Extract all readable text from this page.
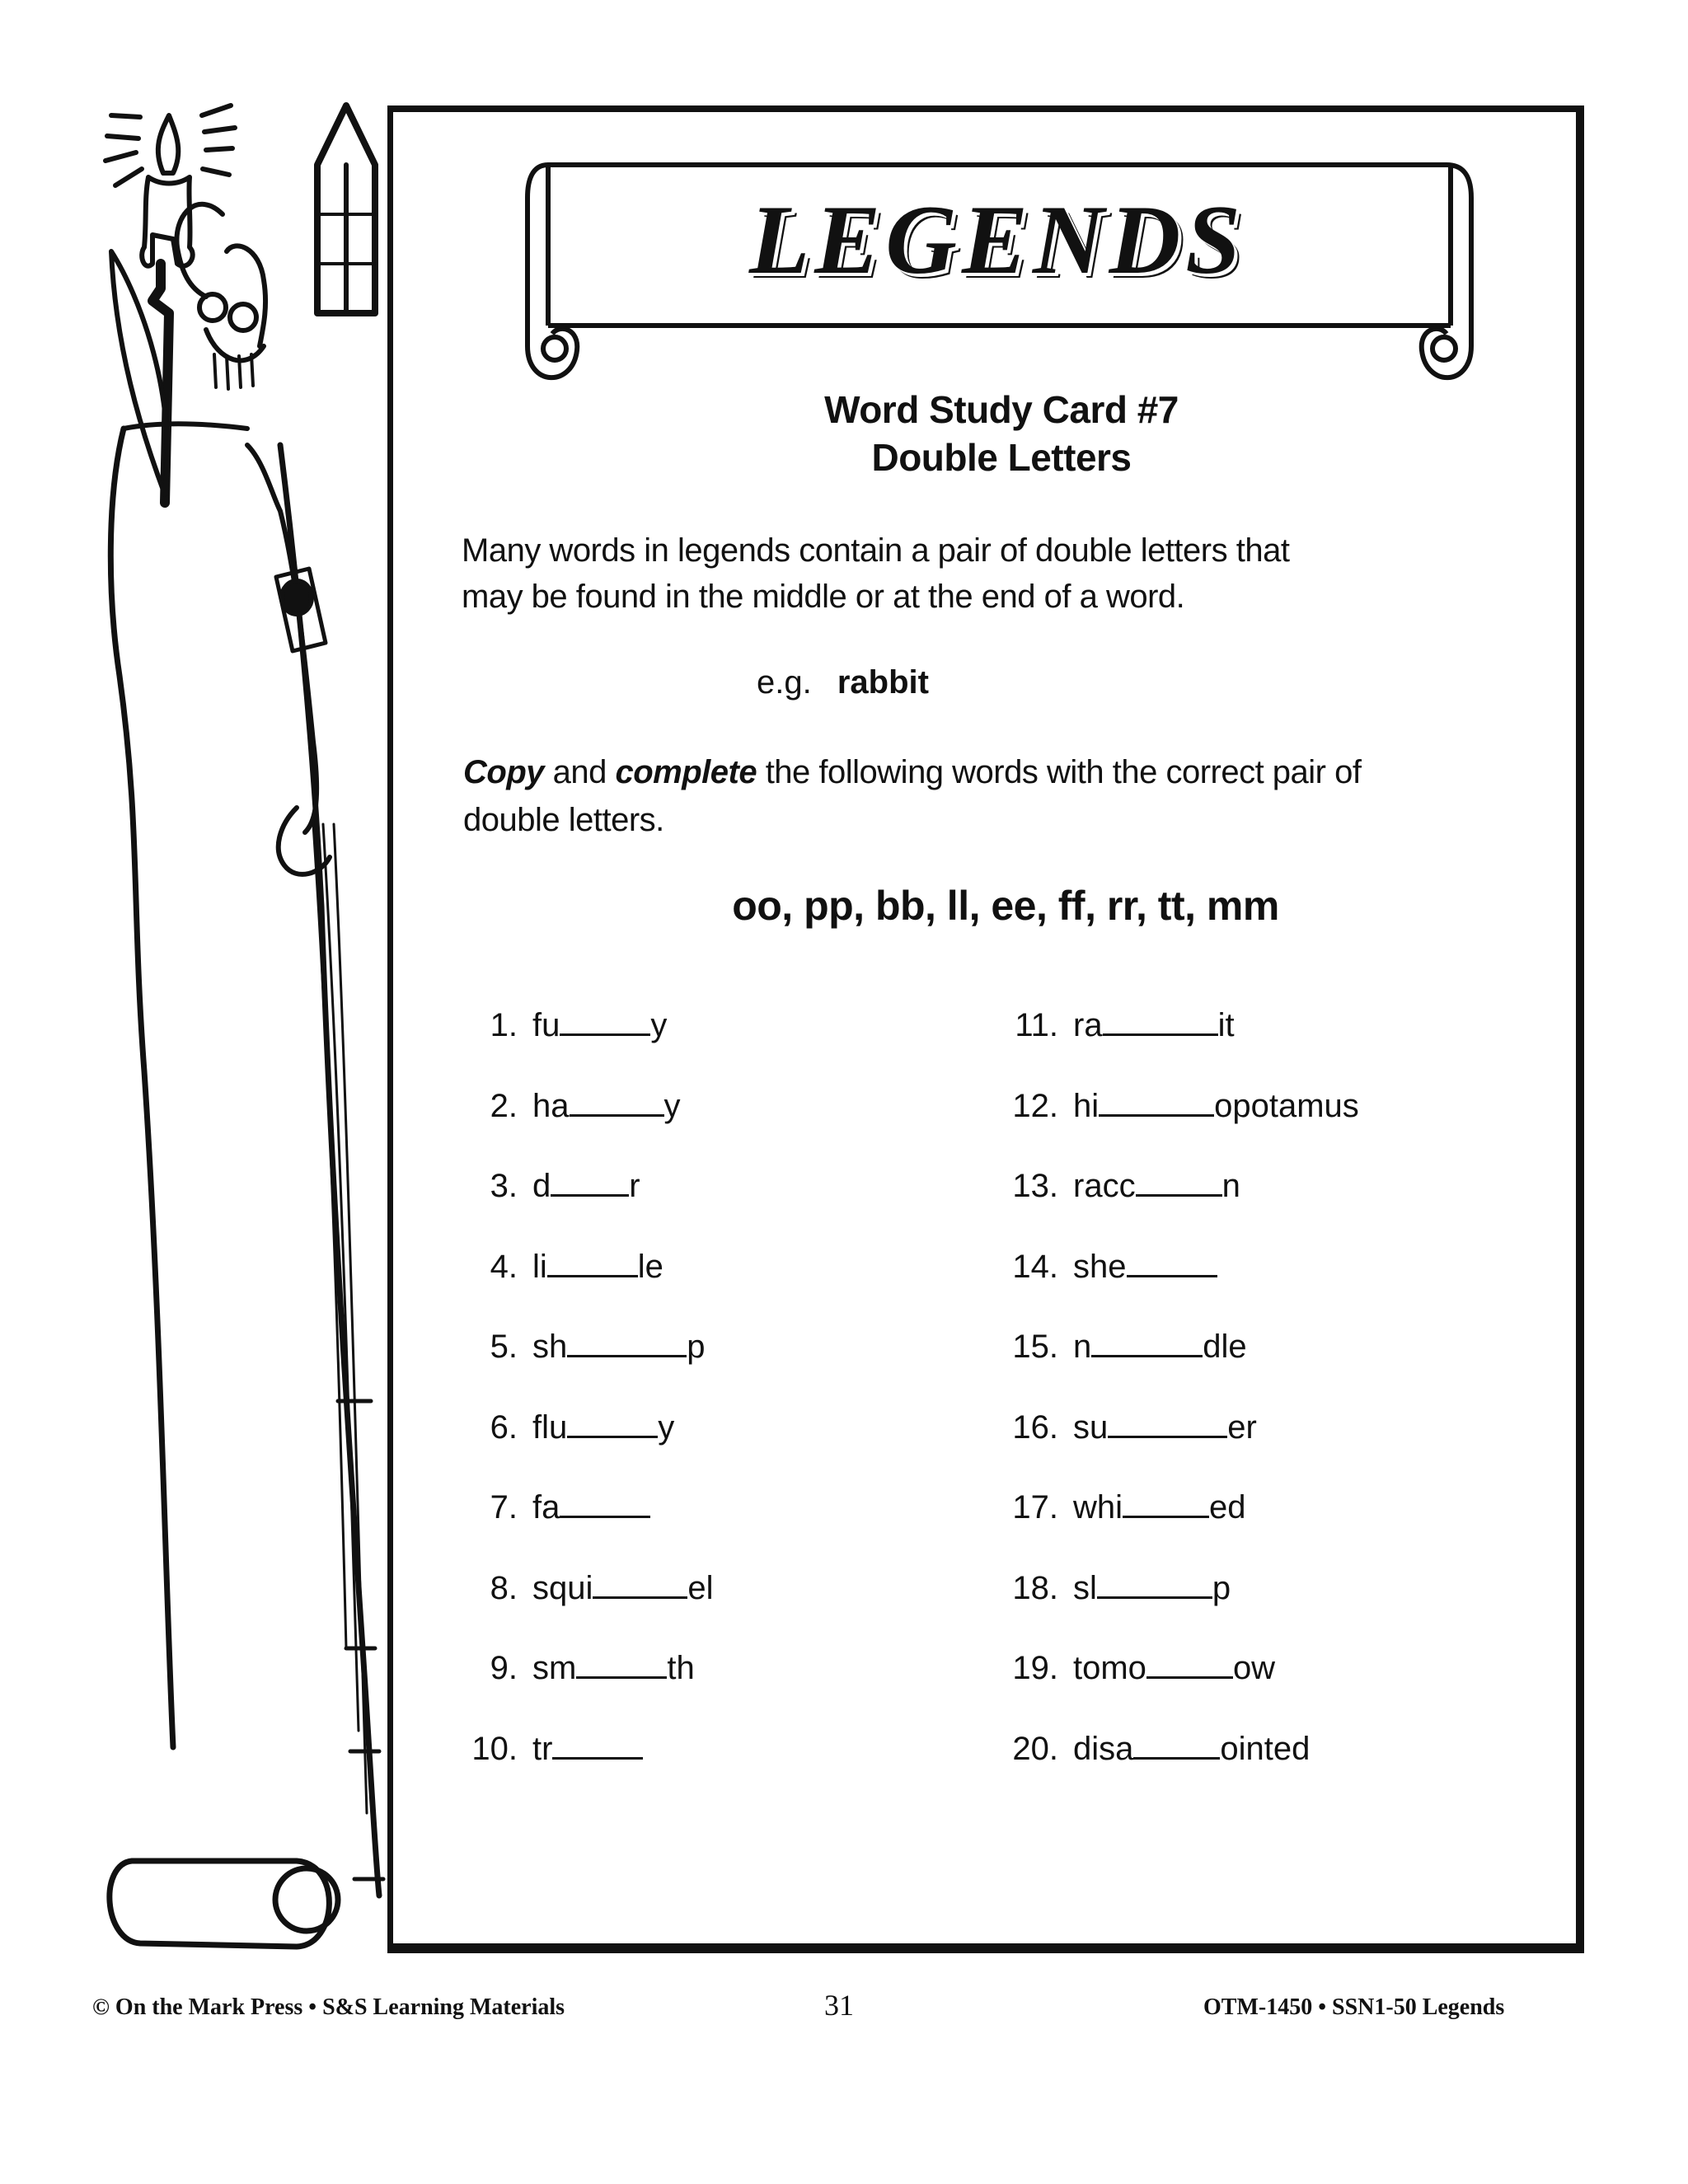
LEGENDS
Word Study Card #7
Double Letters
Many words in legends contain a pair of double letters that
may be found in the middle or at the end of a word.
e.g. rabbit
Copy and complete the following words with the correct pair of
double letters.
oo, pp, bb, ll, ee, ff, rr, tt, mm
1. fu	y
2. ha	y
3. d r
4. li	le
5. sh	p
6. flu	y
7. fa
8. squi	el
9. sm	th
10. tr
11. ra	it
12. hi	opotamus
13. racc	n
14. she
15. n	dle
16. su	er
17. whi	ed
18. sl	p
19. tomo	ow
20. disa	ointed
© On the Mark Press • S&S Learning Materials	31	OTM-1450 • SSN1-50 Legends
